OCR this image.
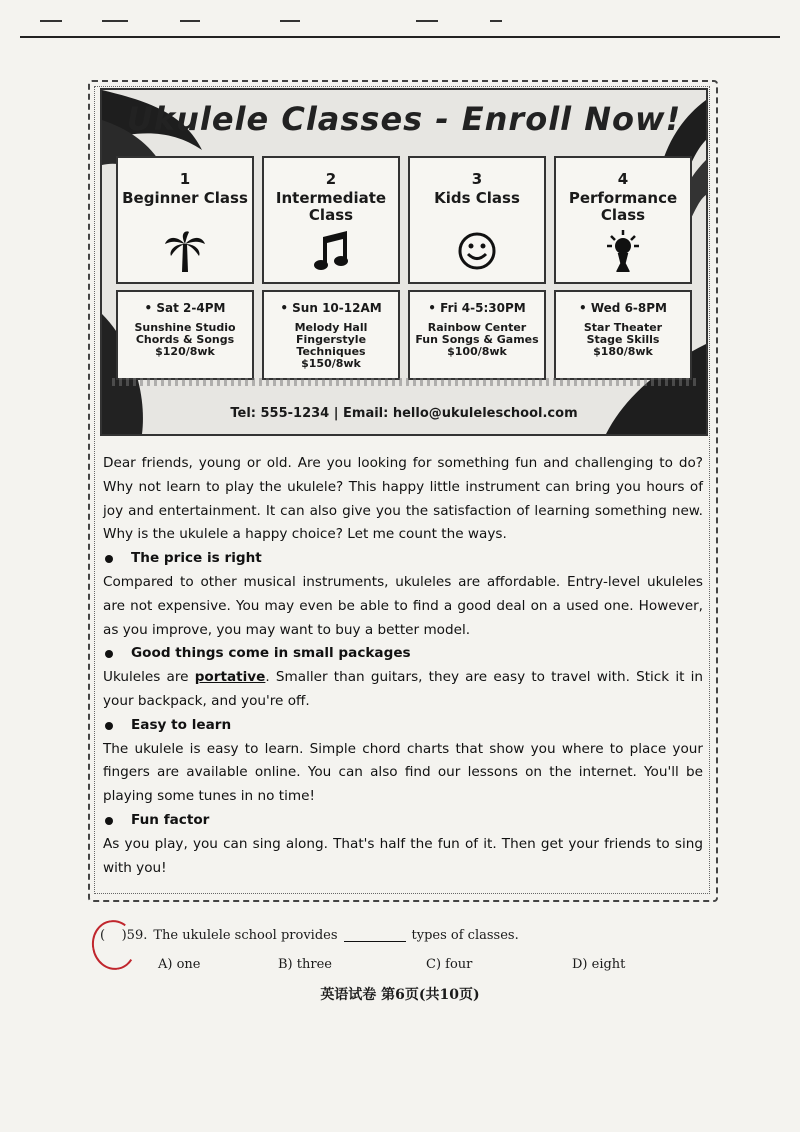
Ukulele Classes - Enroll Now!
1
Beginner Class
2
Intermediate Class
3
Kids Class
4
Performance Class
• Sat 2-4PM
Sunshine Studio
Chords & Songs
$120/8wk
• Sun 10-12AM
Melody Hall
Fingerstyle Techniques
$150/8wk
• Fri 4-5:30PM
Rainbow Center
Fun Songs & Games
$100/8wk
• Wed 6-8PM
Star Theater
Stage Skills
$180/8wk
Tel: 555-1234 | Email: hello@ukuleleschool.com

Dear friends, young or old. Are you looking for something fun and challenging to do? Why not learn to play the ukulele? This happy little instrument can bring you hours of joy and entertainment. It can also give you the satisfaction of learning something new. Why is the ukulele a happy choice? Let me count the ways.

The price is right

Compared to other musical instruments, ukuleles are affordable. Entry-level ukuleles are not expensive. You may even be able to find a good deal on a used one. However, as you improve, you may want to buy a better model.

Good things come in small packages

Ukuleles are portative. Smaller than guitars, they are easy to travel with. Stick it in your backpack, and you're off.

Easy to learn

The ukulele is easy to learn. Simple chord charts that show you where to place your fingers are available online. You can also find our lessons on the internet. You'll be playing some tunes in no time!

Fun factor

As you play, you can sing along. That's half the fun of it. Then get your friends to sing with you!

(    )59. The ukulele school provides	types of classes.
A) one	B) three	C) four	D) eight
英语试卷 第6页(共10页)
